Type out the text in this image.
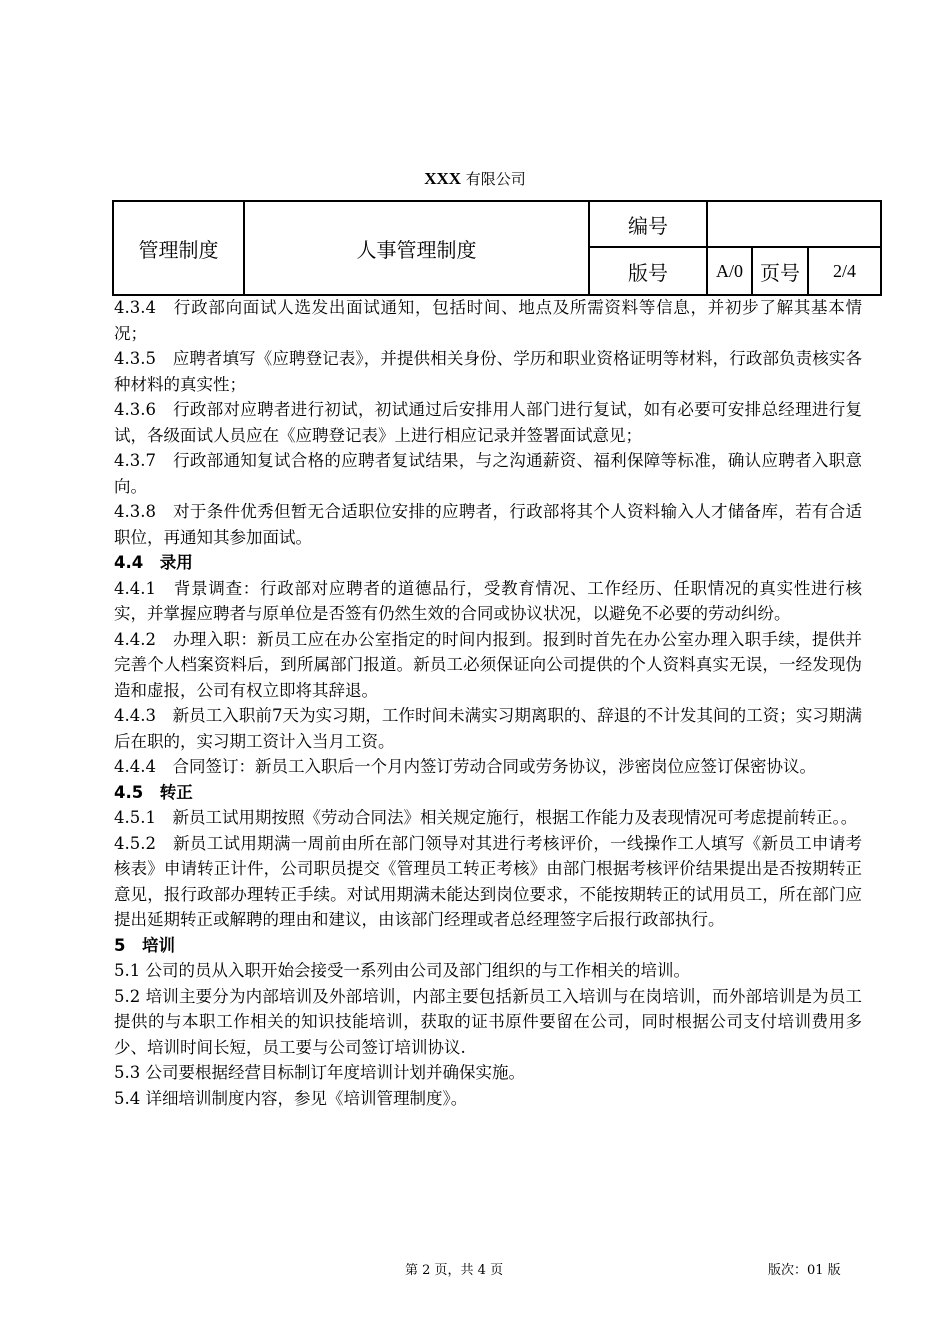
XXX 有限公司
管理制度	人事管理制度	编号			
		版号	A/0	页号	2/4

4.3.4　行政部向面试人选发出面试通知，包括时间、地点及所需资料等信息，并初步了解其基本情况；

4.3.5　应聘者填写《应聘登记表》，并提供相关身份、学历和职业资格证明等材料，行政部负责核实各种材料的真实性；

4.3.6　行政部对应聘者进行初试，初试通过后安排用人部门进行复试，如有必要可安排总经理进行复试，各级面试人员应在《应聘登记表》上进行相应记录并签署面试意见；

4.3.7　行政部通知复试合格的应聘者复试结果，与之沟通薪资、福利保障等标准，确认应聘者入职意向。

4.3.8　对于条件优秀但暂无合适职位安排的应聘者，行政部将其个人资料输入人才储备库，若有合适职位，再通知其参加面试。

4.4　录用

4.4.1　背景调查：行政部对应聘者的道德品行，受教育情况、工作经历、任职情况的真实性进行核实，并掌握应聘者与原单位是否签有仍然生效的合同或协议状况，以避免不必要的劳动纠纷。

4.4.2　办理入职：新员工应在办公室指定的时间内报到。报到时首先在办公室办理入职手续，提供并完善个人档案资料后，到所属部门报道。新员工必须保证向公司提供的个人资料真实无误，一经发现伪造和虚报，公司有权立即将其辞退。

4.4.3　新员工入职前7天为实习期，工作时间未满实习期离职的、辞退的不计发其间的工资；实习期满后在职的，实习期工资计入当月工资。

4.4.4　合同签订：新员工入职后一个月内签订劳动合同或劳务协议，涉密岗位应签订保密协议。

4.5　转正

4.5.1　新员工试用期按照《劳动合同法》相关规定施行，根据工作能力及表现情况可考虑提前转正。。

4.5.2　新员工试用期满一周前由所在部门领导对其进行考核评价，一线操作工人填写《新员工申请考核表》申请转正计件，公司职员提交《管理员工转正考核》由部门根据考核评价结果提出是否按期转正意见，报行政部办理转正手续。对试用期满未能达到岗位要求，不能按期转正的试用员工，所在部门应提出延期转正或解聘的理由和建议，由该部门经理或者总经理签字后报行政部执行。

5　培训

5.1 公司的员从入职开始会接受一系列由公司及部门组织的与工作相关的培训。

5.2 培训主要分为内部培训及外部培训，内部主要包括新员工入培训与在岗培训，而外部培训是为员工提供的与本职工作相关的知识技能培训，获取的证书原件要留在公司，同时根据公司支付培训费用多少、培训时间长短，员工要与公司签订培训协议.

5.3 公司要根据经营目标制订年度培训计划并确保实施。

5.4 详细培训制度内容，参见《培训管理制度》。

第 2 页，共 4 页	版次：01 版
